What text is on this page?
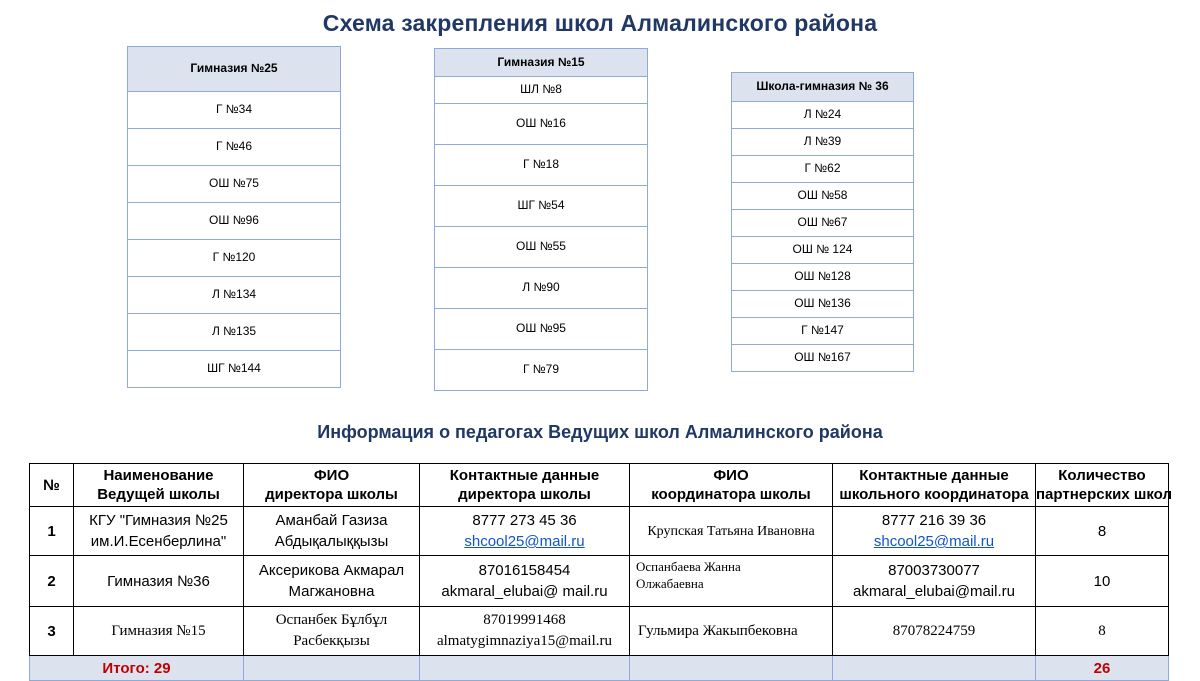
Схема закрепления школ Алмалинского района
Гимназия №25
Г №34
Г №46
ОШ №75
ОШ №96
Г №120
Л №134
Л №135
ШГ №144
Гимназия №15
ШЛ №8
ОШ №16
Г №18
ШГ №54
ОШ №55
Л №90
ОШ №95
Г №79
Школа-гимназия № 36
Л №24
Л №39
Г №62
ОШ №58
ОШ №67
ОШ № 124
ОШ №128
ОШ №136
Г №147
ОШ №167
Информация о педагогах Ведущих школ Алмалинского района
№	Наименование
Ведущей школы	ФИО
директора школы	Контактные данные
директора школы	ФИО
координатора школы	Контактные данные
школьного координатора	Количество
партнерских школ
1	КГУ "Гимназия №25
им.И.Есенберлина"	Аманбай Газиза
Абдықалыққызы	8777 273 45 36
shcool25@mail.ru	Крупская Татьяна Ивановна	8777 216 39 36
shcool25@mail.ru	8
2	Гимназия №36	Аксерикова Акмарал
Магжановна	87016158454
akmaral_elubai@ mail.ru	Оспанбаева Жанна
Олжабаевна	87003730077
akmaral_elubai@mail.ru	10
3	Гимназия №15	Оспанбек Бұлбұл
Расбекқызы	87019991468
almatygimnaziya15@mail.ru	Гульмира Жакыпбековна	87078224759	8
Итого: 29						26
